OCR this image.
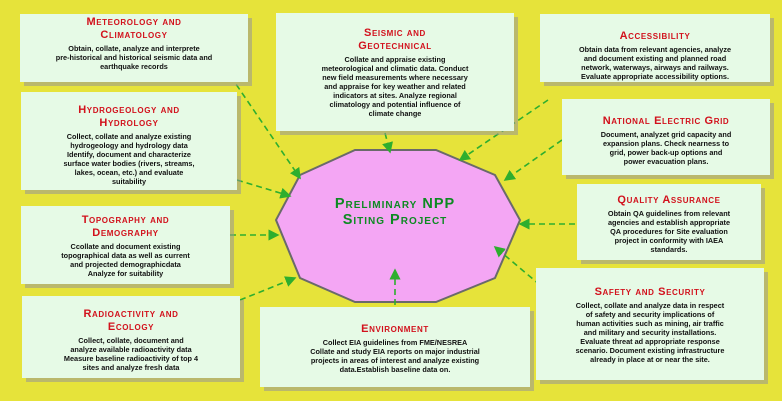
Meteorology and
Climatology
Obtain, collate, analyze and interprete
pre-historical and historical seismic data and
earthquake records
Seismic and
Geotechnical
Collate and appraise existing
meteorological and climatic data. Conduct
new field measurements where necessary
and appraise for key weather and related
indicators at sites. Analyze regional
climatology and potential influence of
climate change
Accessibility
Obtain data from relevant agencies, analyze
and document existing and planned road
network, waterways, airways and railways.
Evaluate appropriate accessibility options.
Hydrogeology and
Hydrology
Collect, collate and analyze existing
hydrogeology and hydrology data
Identify, document and characterize
surface water bodies (rivers, streams,
lakes, ocean, etc.) and evaluate
suitability
National Electric Grid
Document, analyzet grid capacity and
expansion plans. Check nearness to
grid, power back-up options and
power evacuation plans.
Quality Assurance
Obtain QA guidelines from relevant
agencies and establish appropriate
QA procedures for Site evaluation
project in conformity with IAEA
standards.
Topography and
Demography
Ccollate and document existing
topographical data as well as current
and projected demographicdata
Analyze for suitability
Safety and Security
Collect, collate and analyze data in respect
of safety and security implications of
human activities such as mining, air traffic
and military and security installations.
Evaluate threat ad appropriate response
scenario. Document existing infrastructure
already in place at or near the site.
Radioactivity and
Ecology
Collect, collate, document and
analyze available radioactivity data
Measure baseline radioactivity of top 4
sites and analyze fresh data
Environment
Collect EIA guidelines from FME/NESREA
Collate and study EIA reports on major industrial
projects in areas of interest and analyze existing
data.Establish baseline data on.
Preliminary NPP
Siting Project
